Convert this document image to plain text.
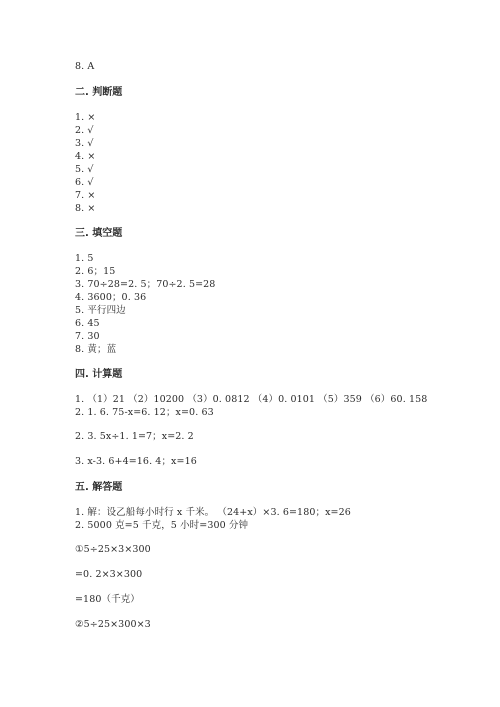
8. A
二. 判断题
1. ×
2. √
3. √
4. ×
5. √
6. √
7. ×
8. ×
三. 填空题
1. 5
2. 6；15
3. 70÷28=2. 5；70÷2. 5=28
4. 3600；0. 36
5. 平行四边
6. 45
7. 30
8. 黄；蓝
四. 计算题
1. （1）21 （2）10200 （3）0. 0812 （4）0. 0101 （5）359 （6）60. 158
2. 1. 6. 75-x=6. 12；x=0. 63
2. 3. 5x÷1. 1=7；x=2. 2
3. x-3. 6+4=16. 4；x=16
五. 解答题
1. 解：设乙船每小时行 x 千米。 （24+x）×3. 6=180；x=26
2. 5000 克=5 千克，5 小时=300 分钟
①5÷25×3×300
=0. 2×3×300
=180（千克）
②5÷25×300×3
